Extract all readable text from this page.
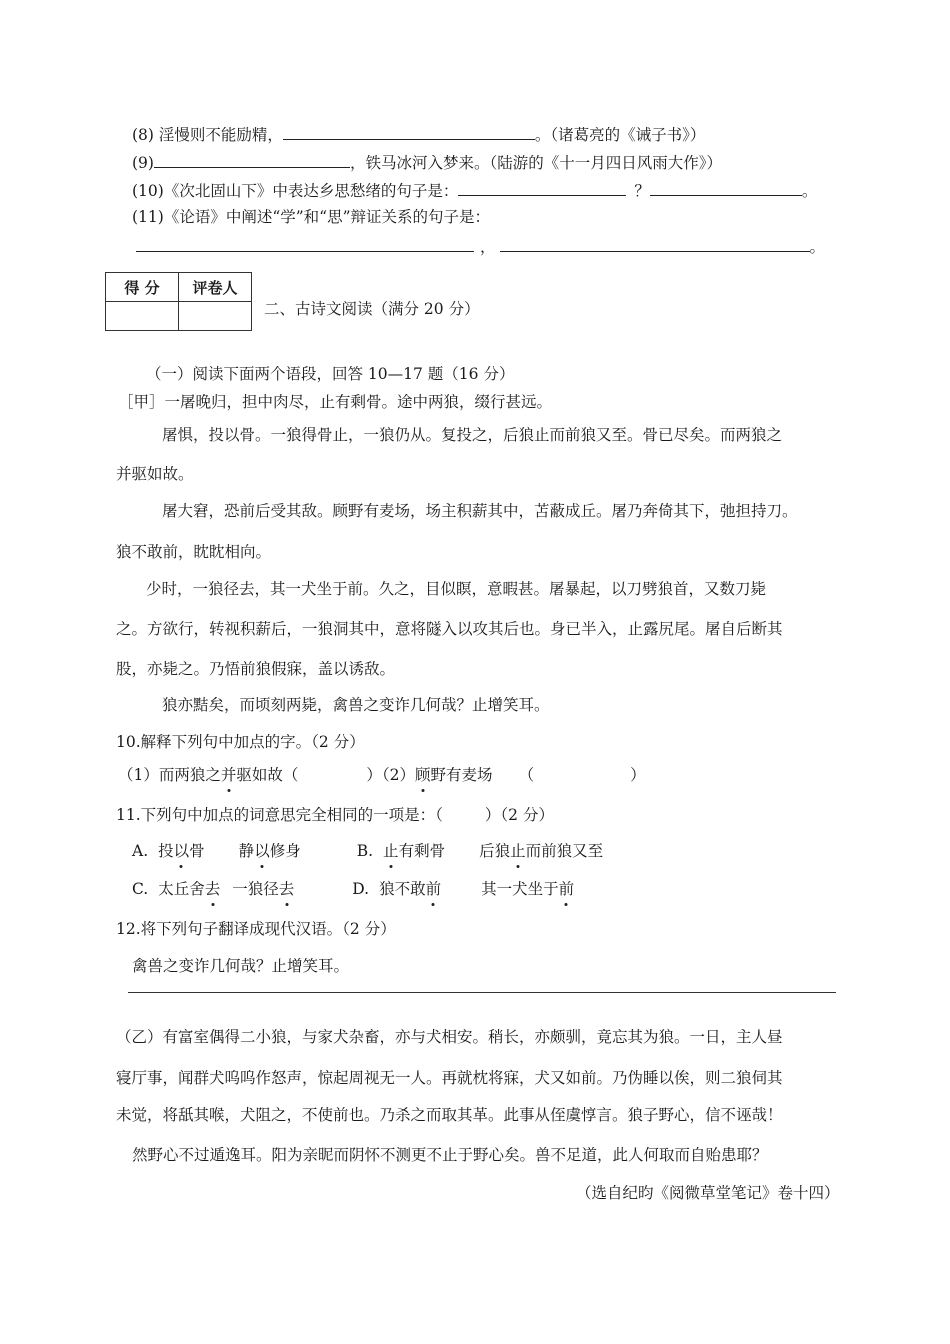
(8) 淫慢则不能励精，	。（诸葛亮的《诫子书》）
(9)	，铁马冰河入梦来。（陆游的《十一月四日风雨大作》）
(10)《次北固山下》中表达乡思愁绪的句子是：	？	。
(11)《论语》中阐述“学”和“思”辩证关系的句子是：
，	。
得 分	评卷人

二、古诗文阅读（满分 20 分）
（一）阅读下面两个语段，回答 10—17 题（16 分）
［甲］一屠晚归，担中肉尽，止有剩骨。途中两狼，缀行甚远。
屠惧，投以骨。一狼得骨止，一狼仍从。复投之，后狼止而前狼又至。骨已尽矣。而两狼之
并驱如故。
屠大窘，恐前后受其敌。顾野有麦场，场主积薪其中，苫蔽成丘。屠乃奔倚其下，弛担持刀。
狼不敢前，眈眈相向。
少时，一狼径去，其一犬坐于前。久之，目似瞑，意暇甚。屠暴起，以刀劈狼首，又数刀毙
之。方欲行，转视积薪后，一狼洞其中，意将隧入以攻其后也。身已半入，止露尻尾。屠自后断其
股，亦毙之。乃悟前狼假寐，盖以诱敌。
狼亦黠矣，而顷刻两毙，禽兽之变诈几何哉？止增笑耳。
10.解释下列句中加点的字。（2 分）
（1）而两狼之并驱如故（	）（2）顾野有麦场 （	）
11.下列句中加点的词意思完全相同的一项是：（	）（2 分）
A. 投以骨 静以修身	B. 止有剩骨 后狼止而前狼又至
C. 太丘舍去 一狼径去	D. 狼不敢前	其一犬坐于前
12.将下列句子翻译成现代汉语。（2 分）
禽兽之变诈几何哉？止增笑耳。
（乙）有富室偶得二小狼，与家犬杂畜，亦与犬相安。稍长，亦颇驯，竟忘其为狼。一日，主人昼
寝厅事，闻群犬呜呜作怒声，惊起周视无一人。再就枕将寐，犬又如前。乃伪睡以俟，则二狼伺其
未觉，将舐其喉，犬阻之，不使前也。乃杀之而取其革。此事从侄虞惇言。狼子野心，信不诬哉！
然野心不过遁逸耳。阳为亲昵而阴怀不测更不止于野心矣。兽不足道，此人何取而自贻患耶？
（选自纪昀《阅微草堂笔记》卷十四）
